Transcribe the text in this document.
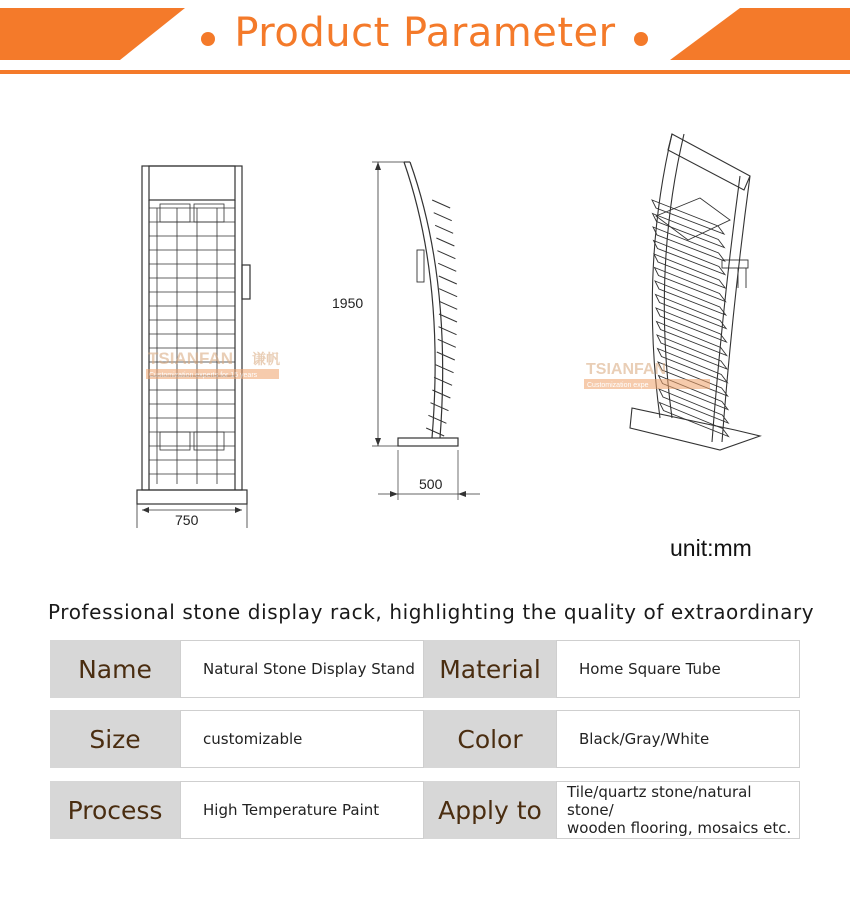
Product Parameter
750
TSIANFAN 谦帆
Customization experts for 15 years
1950
500
TSIANFAN
Customization expe
unit:mm
Professional stone display rack, highlighting the quality of extraordinary
Name	Natural Stone Display Stand Material	Home Square Tube
Size	customizable	Color	Black/Gray/White
Process	High Temperature Paint	Apply to
Tile/quartz stone/natural stone/
wooden flooring, mosaics etc.
